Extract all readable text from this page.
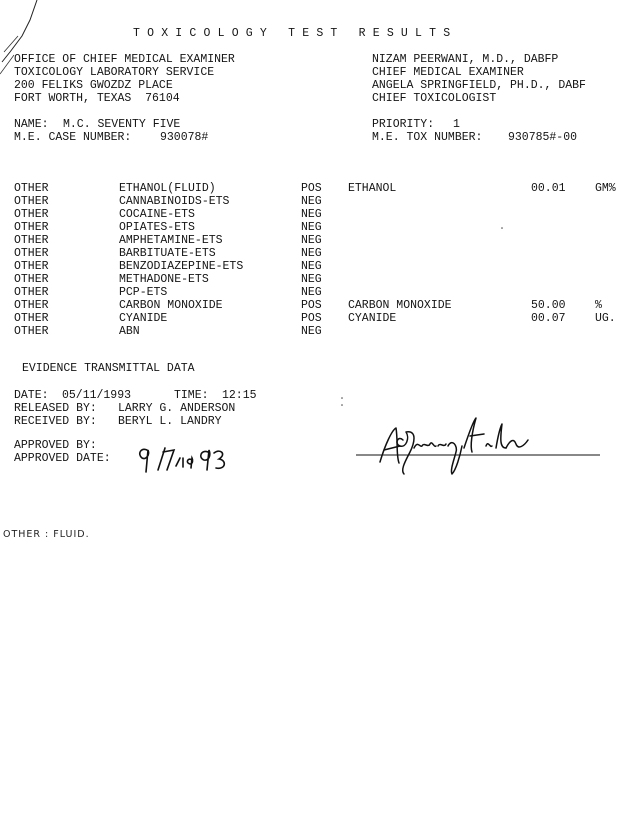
TOXICOLOGY TEST RESULTS
OFFICE OF CHIEF MEDICAL EXAMINER
TOXICOLOGY LABORATORY SERVICE
200 FELIKS GWOZDZ PLACE
FORT WORTH, TEXAS  76104
NIZAM PEERWANI, M.D., DABFP
CHIEF MEDICAL EXAMINER
ANGELA SPRINGFIELD, PH.D., DABF
CHIEF TOXICOLOGIST
NAME: M.C. SEVENTY FIVE
M.E. CASE NUMBER: 930078#
PRIORITY: 1
M.E. TOX NUMBER: 930785#-00
OTHER	ETHANOL(FLUID)	POS ETHANOL	00.01	GM%
OTHER	CANNABINOIDS-ETS	NEG
OTHER	COCAINE-ETS	NEG
OTHER	OPIATES-ETS	NEG
OTHER	AMPHETAMINE-ETS	NEG
OTHER	BARBITUATE-ETS	NEG
OTHER	BENZODIAZEPINE-ETS	NEG
OTHER	METHADONE-ETS	NEG
OTHER	PCP-ETS	NEG
OTHER	CARBON MONOXIDE	POS CARBON MONOXIDE	50.00	%
OTHER	CYANIDE	POS CYANIDE	00.07	UG.
OTHER	ABN	NEG
EVIDENCE TRANSMITTAL DATA
DATE: 05/11/1993	TIME: 12:15
RELEASED BY: LARRY G. ANDERSON
RECEIVED BY: BERYL L. LANDRY
APPROVED BY:
APPROVED DATE:
OTHER : FLUID.
